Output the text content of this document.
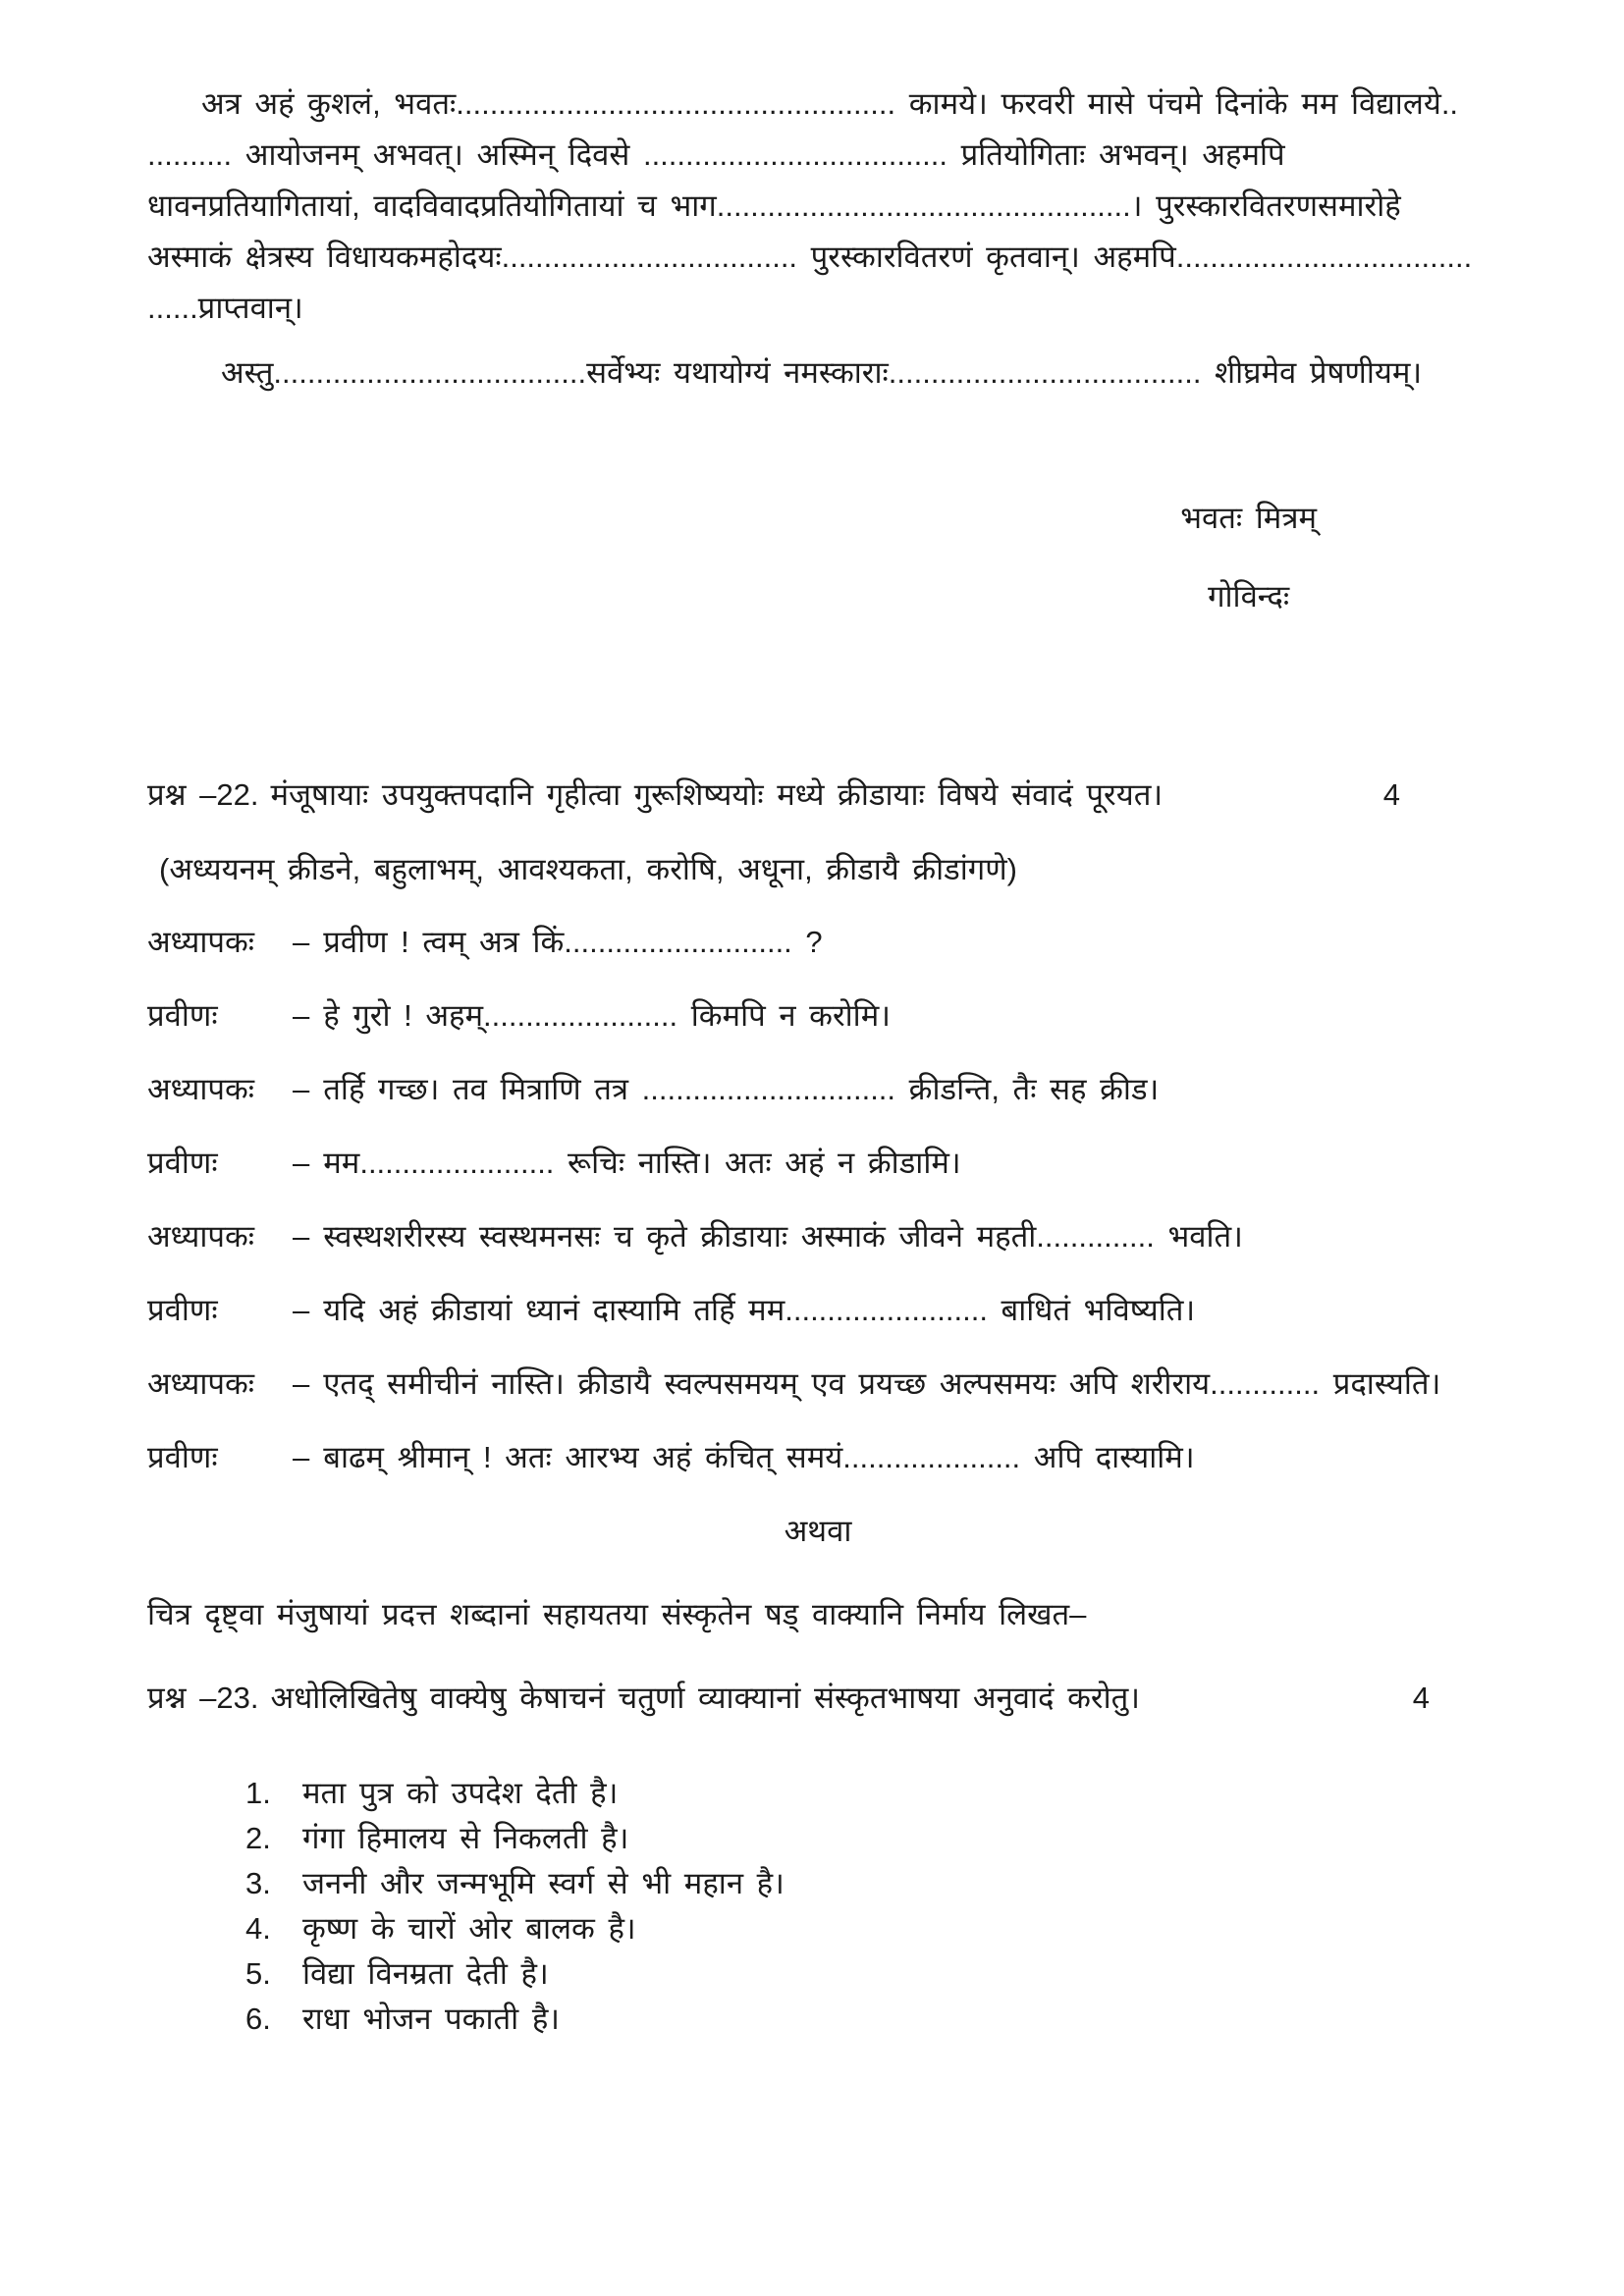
अत्र अहं कुशलं, भवतः.................................................... कामये। फरवरी मासे पंचमे दिनांके मम विद्यालये..

.......... आयोजनम् अभवत्। अस्मिन् दिवसे .................................... प्रतियोगिताः अभवन्। अहमपि

धावनप्रतियागितायां, वादविवादप्रतियोगितायां च भाग.................................................। पुरस्कारवितरणसमारोहे

अस्माकं क्षेत्रस्य विधायकमहोदयः................................... पुरस्कारवितरणं कृतवान्। अहमपि...................................

......प्राप्तवान्।

अस्तु.....................................सर्वेभ्यः यथायोग्यं नमस्काराः..................................... शीघ्रमेव प्रेषणीयम्।

भवतः मित्रम्

गोविन्दः

प्रश्न –22. मंजूषायाः उपयुक्तपदानि गृहीत्वा गुरूशिष्ययोः मध्ये क्रीडायाः विषये संवादं पूरयत।	4

(अध्ययनम् क्रीडने, बहुलाभम्, आवश्यकता, करोषि, अधूना, क्रीडायै क्रीडांगणे)

अध्यापकः – प्रवीण ! त्वम् अत्र किं........................... ?

प्रवीणः – हे गुरो ! अहम्....................... किमपि न करोमि।

अध्यापकः – तर्हि गच्छ। तव मित्राणि तत्र .............................. क्रीडन्ति, तैः सह क्रीड।

प्रवीणः – मम....................... रूचिः नास्ति। अतः अहं न क्रीडामि।

अध्यापकः – स्वस्थशरीरस्य स्वस्थमनसः च कृते क्रीडायाः अस्माकं जीवने महती.............. भवति।

प्रवीणः – यदि अहं क्रीडायां ध्यानं दास्यामि तर्हि मम........................ बाधितं भविष्यति।

अध्यापकः – एतद् समीचीनं नास्ति। क्रीडायै स्वल्पसमयम् एव प्रयच्छ अल्पसमयः अपि शरीराय............. प्रदास्यति।

प्रवीणः – बाढम् श्रीमान् ! अतः आरभ्य अहं कंचित् समयं..................... अपि दास्यामि।

अथवा

चित्र दृष्ट्वा मंजुषायां प्रदत्त शब्दानां सहायतया संस्कृतेन षड् वाक्यानि निर्माय लिखत–

प्रश्न –23. अधोलिखितेषु वाक्येषु केषाचनं चतुर्णा व्याक्यानां संस्कृतभाषया अनुवादं करोतु।	4
1.	मता पुत्र को उपदेश देती है।
2.	गंगा हिमालय से निकलती है।
3.	जननी और जन्मभूमि स्वर्ग से भी महान है।
4.	कृष्ण के चारों ओर बालक है।
5.	विद्या विनम्रता देती है।
6.	राधा भोजन पकाती है।
